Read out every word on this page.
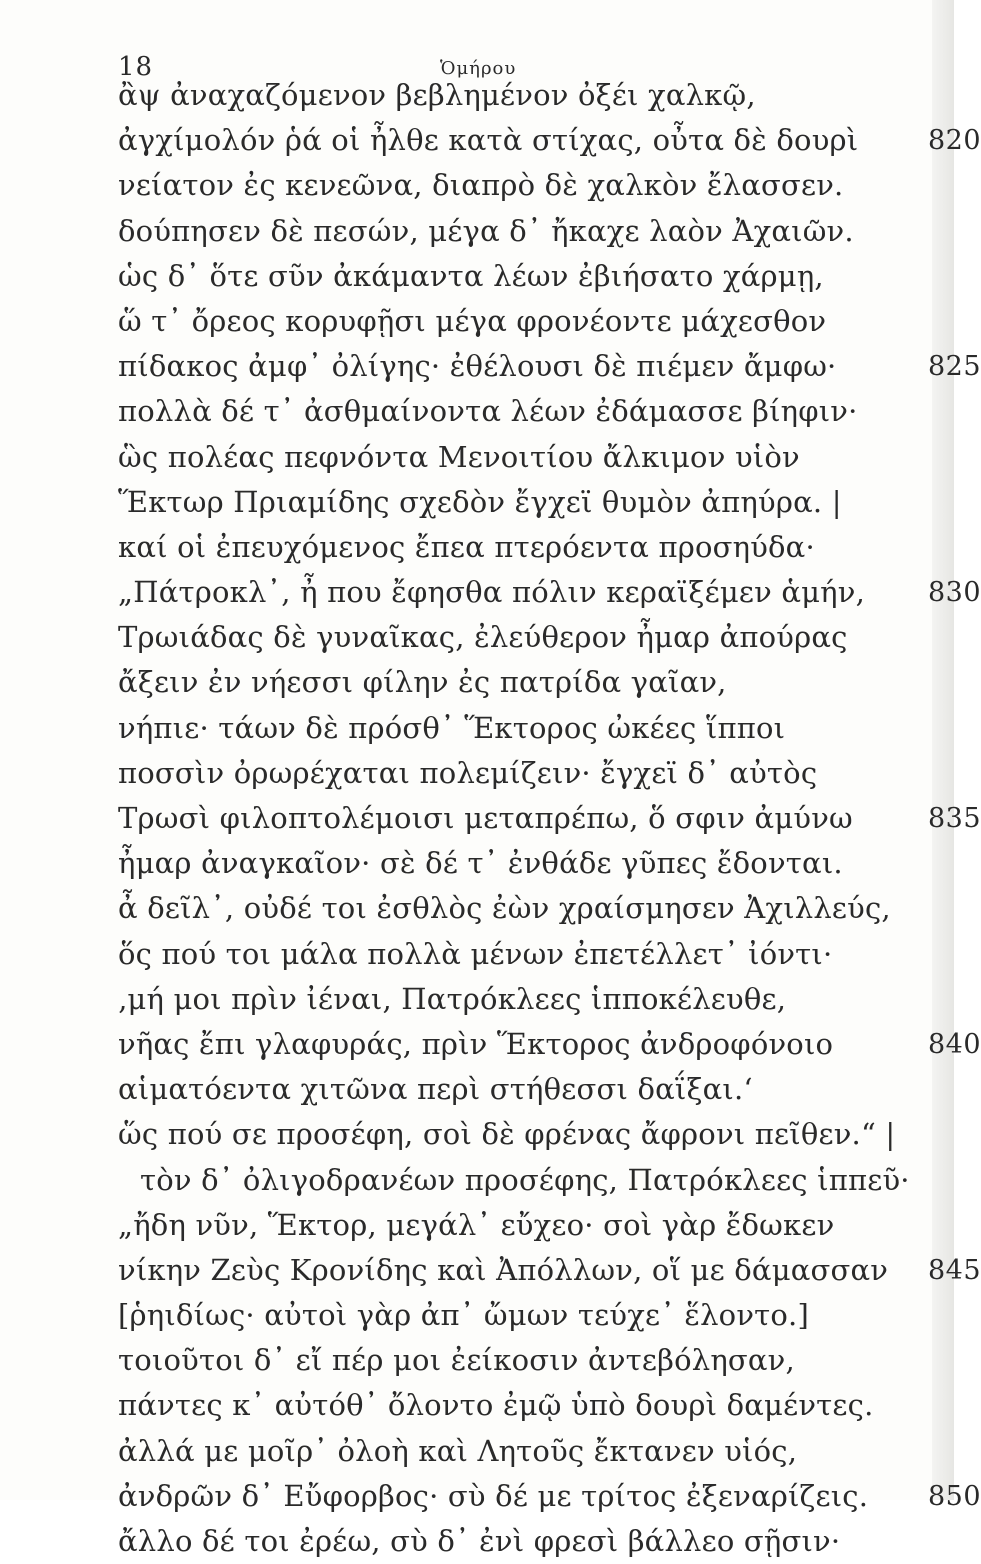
18	Ὁμήρου
ἂψ ἀναχαζόμενον βεβλημένον ὀξέι χαλκῷ,
ἀγχίμολόν ῥά οἱ ἦλθε κατὰ στίχας, οὖτα δὲ δουρὶ	820
νείατον ἐς κενεῶνα, διαπρὸ δὲ χαλκὸν ἔλασσεν.
δούπησεν δὲ πεσών, μέγα δ᾽ ἤκαχε λαὸν Ἀχαιῶν.
ὡς δ᾽ ὅτε σῦν ἀκάμαντα λέων ἐβιήσατο χάρμῃ,
ὥ τ᾽ ὄρεος κορυφῇσι μέγα φρονέοντε μάχεσθον
πίδακος ἀμφ᾽ ὀλίγης· ἐθέλουσι δὲ πιέμεν ἄμφω·	825
πολλὰ δέ τ᾽ ἀσθμαίνοντα λέων ἐδάμασσε βίηφιν·
ὣς πολέας πεφνόντα Μενοιτίου ἄλκιμον υἱὸν
Ἕκτωρ Πριαμίδης σχεδὸν ἔγχεϊ θυμὸν ἀπηύρα. |
καί οἱ ἐπευχόμενος ἔπεα πτερόεντα προσηύδα·
„Πάτροκλ᾽, ἦ που ἔφησθα πόλιν κεραϊξέμεν ἁμήν, 830
Τρωιάδας δὲ γυναῖκας, ἐλεύθερον ἦμαρ ἀπούρας
ἄξειν ἐν νήεσσι φίλην ἐς πατρίδα γαῖαν,
νήπιε· τάων δὲ πρόσθ᾽ Ἕκτορος ὠκέες ἵπποι
ποσσὶν ὀρωρέχαται πολεμίζειν· ἔγχεϊ δ᾽ αὐτὸς
Τρωσὶ φιλοπτολέμοισι μεταπρέπω, ὅ σφιν ἀμύνω	835
ἦμαρ ἀναγκαῖον· σὲ δέ τ᾽ ἐνθάδε γῦπες ἔδονται.
ἆ δεῖλ᾽, οὐδέ τοι ἐσθλὸς ἐὼν χραίσμησεν Ἀχιλλεύς,
ὅς πού τοι μάλα πολλὰ μένων ἐπετέλλετ᾽ ἰόντι·
‚μή μοι πρὶν ἰέναι, Πατρόκλεες ἱπποκέλευθε,
νῆας ἔπι γλαφυράς, πρὶν Ἕκτορος ἀνδροφόνοιο	840
αἱματόεντα χιτῶνα περὶ στήθεσσι δαΐξαι.‘
ὥς πού σε προσέφη, σοὶ δὲ φρένας ἄφρονι πεῖθεν.“ |
τὸν δ᾽ ὀλιγοδρανέων προσέφης, Πατρόκλεες ἱππεῦ·
„ἤδη νῦν, Ἕκτορ, μεγάλ᾽ εὔχεο· σοὶ γὰρ ἔδωκεν
νίκην Ζεὺς Κρονίδης καὶ Ἀπόλλων, οἵ με δάμασσαν 845
[ῥηιδίως· αὐτοὶ γὰρ ἀπ᾽ ὤμων τεύχε᾽ ἕλοντο.]
τοιοῦτοι δ᾽ εἴ πέρ μοι ἐείκοσιν ἀντεβόλησαν,
πάντες κ᾽ αὐτόθ᾽ ὄλοντο ἐμῷ ὑπὸ δουρὶ δαμέντες.
ἀλλά με μοῖρ᾽ ὀλοὴ καὶ Λητοῦς ἔκτανεν υἱός,
ἀνδρῶν δ᾽ Εὔφορβος· σὺ δέ με τρίτος ἐξεναρίζεις. 850
ἄλλο δέ τοι ἐρέω, σὺ δ᾽ ἐνὶ φρεσὶ βάλλεο σῇσιν·
